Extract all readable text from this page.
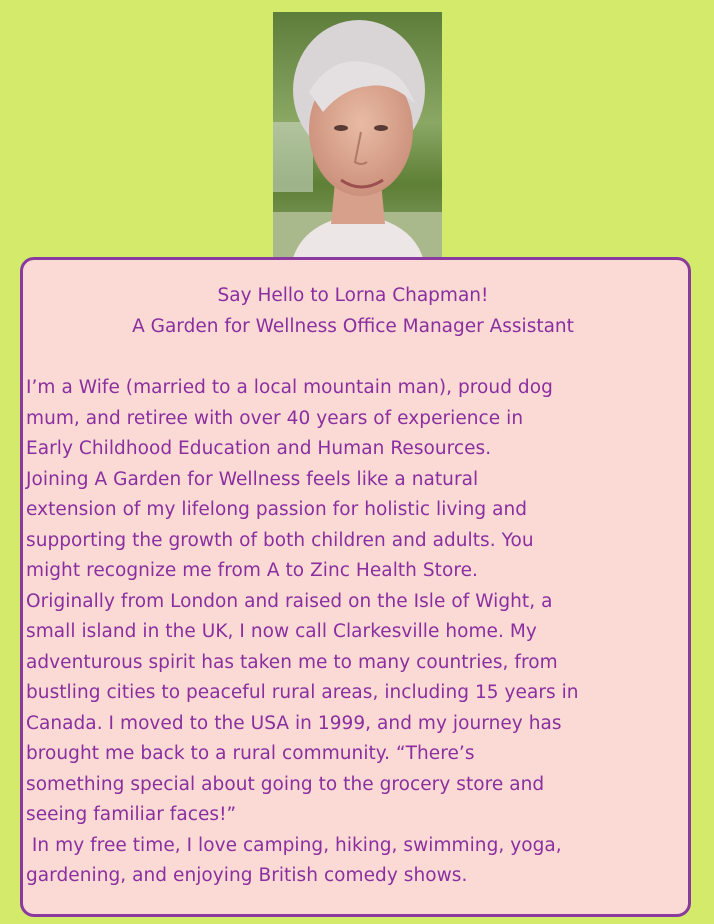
Say Hello to Lorna Chapman!
A Garden for Wellness Office Manager Assistant
I’m a Wife (married to a local mountain man), proud dog
mum, and retiree with over 40 years of experience in
Early Childhood Education and Human Resources.
Joining A Garden for Wellness feels like a natural
extension of my lifelong passion for holistic living and
supporting the growth of both children and adults. You
might recognize me from A to Zinc Health Store.
Originally from London and raised on the Isle of Wight, a
small island in the UK, I now call Clarkesville home. My
adventurous spirit has taken me to many countries, from
bustling cities to peaceful rural areas, including 15 years in
Canada. I moved to the USA in 1999, and my journey has
brought me back to a rural community. “There’s
something special about going to the grocery store and
seeing familiar faces!”
In my free time, I love camping, hiking, swimming, yoga,
gardening, and enjoying British comedy shows.
